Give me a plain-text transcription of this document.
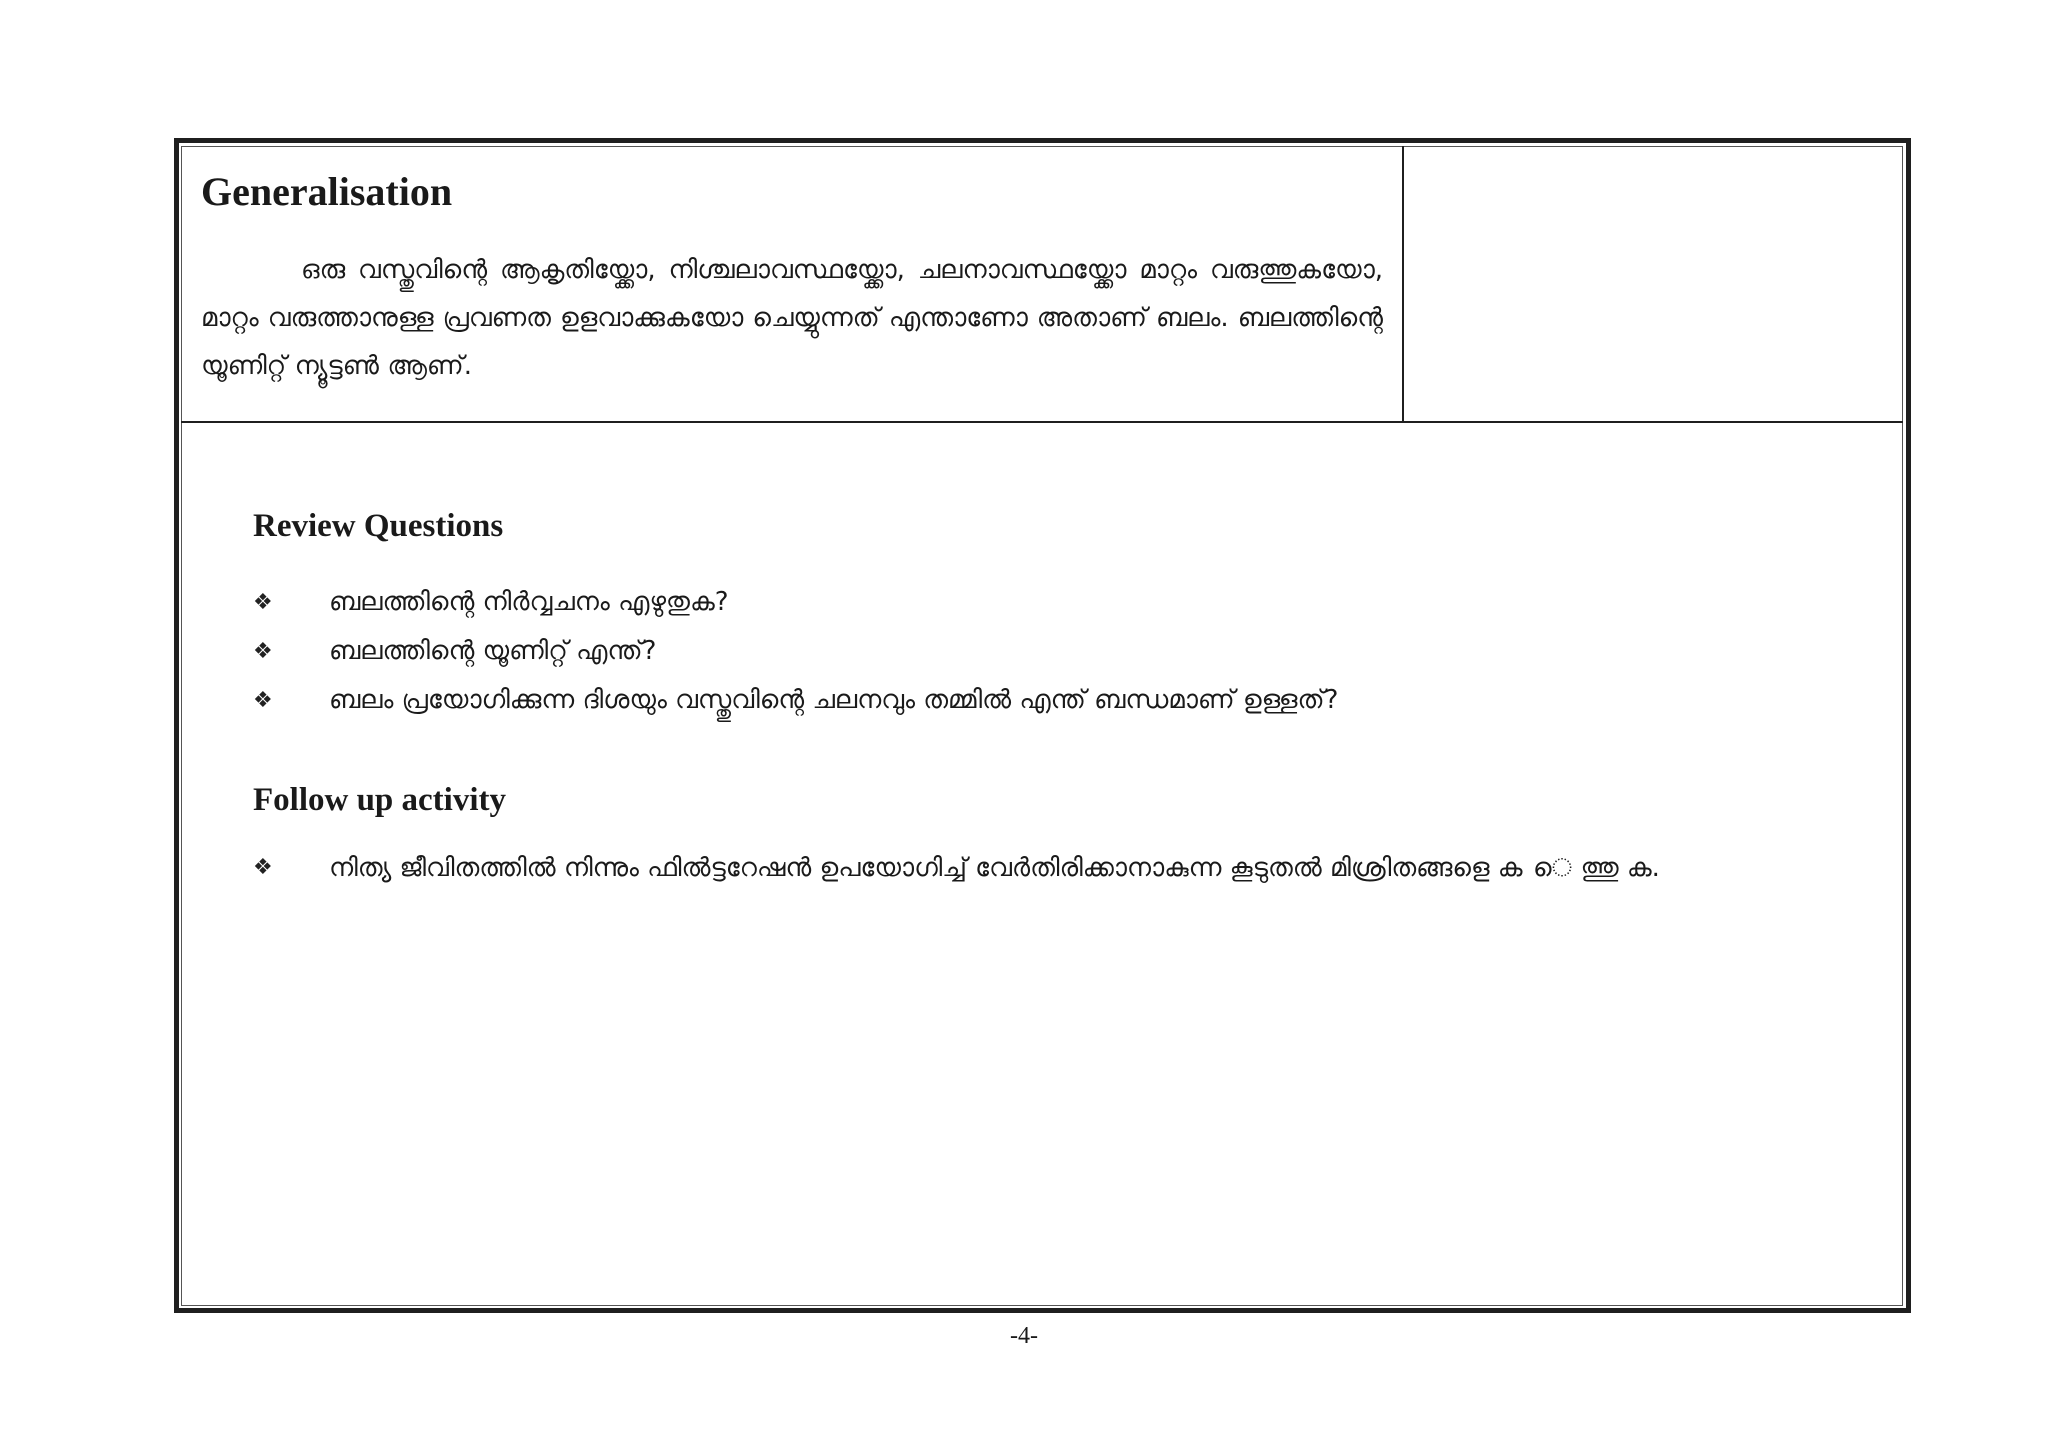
Generalisation

ഒരു വസ്തുവിന്റെ ആകൃതിയ്ക്കോ, നിശ്ചലാവസ്ഥയ്ക്കോ, ചലനാവസ്ഥയ്ക്കോ മാറ്റം വരുത്തുകയോ, മാറ്റം വരുത്താനുള്ള പ്രവണത ഉളവാക്കുകയോ ചെയ്യുന്നത് എന്താണോ അതാണ് ബലം. ബലത്തിന്റെ യൂണിറ്റ് ന്യൂട്ടൺ ആണ്.

Review Questions
❖ ബലത്തിന്റെ നിർവ്വചനം എഴുതുക?
❖ ബലത്തിന്റെ യൂണിറ്റ് എന്ത്?
❖ ബലം പ്രയോഗിക്കുന്ന ദിശയും വസ്തുവിന്റെ ചലനവും തമ്മിൽ എന്ത് ബന്ധമാണ് ഉള്ളത്?
Follow up activity
❖ നിത്യ ജീവിതത്തിൽ നിന്നും ഫിൽട്ടറേഷൻ ഉപയോഗിച്ച് വേർതിരിക്കാനാകുന്ന കൂടുതൽ മിശ്രിതങ്ങളെ ക െ ത്തു ക.
-4-
